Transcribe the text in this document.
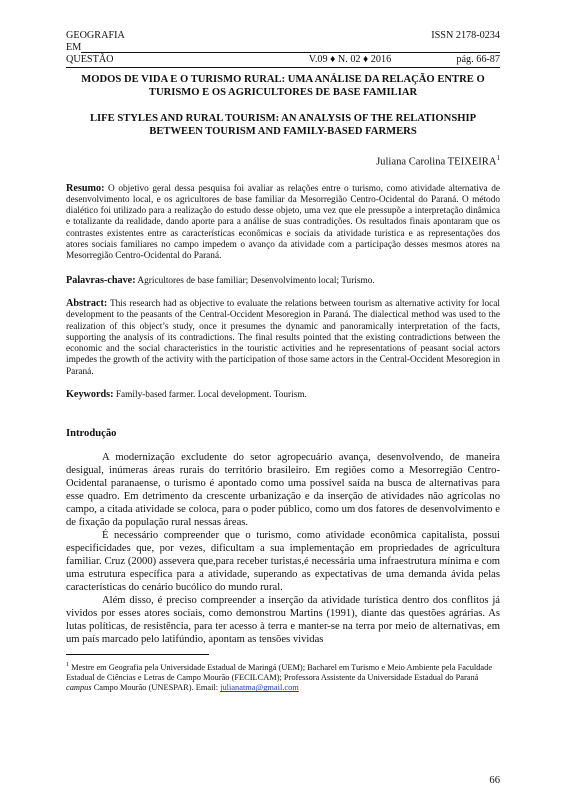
GEOGRAFIA	ISSN 2178-0234
EM
QUESTÃO	V.09 ♦ N. 02 ♦ 2016	pág. 66-87

MODOS DE VIDA E O TURISMO RURAL: UMA ANÁLISE DA RELAÇÃO ENTRE O TURISMO E OS AGRICULTORES DE BASE FAMILIAR

LIFE STYLES AND RURAL TOURISM: AN ANALYSIS OF THE RELATIONSHIP BETWEEN TOURISM AND FAMILY-BASED FARMERS

Juliana Carolina TEIXEIRA$^1$

Resumo: O objetivo geral dessa pesquisa foi avaliar as relações entre o turismo, como atividade alternativa de desenvolvimento local, e os agricultores de base familiar da Mesorregião Centro-Ocidental do Paraná. O método dialético foi utilizado para a realização do estudo desse objeto, uma vez que ele pressupõe a interpretação dinâmica e totalizante da realidade, dando aporte para a análise de suas contradições. Os resultados finais apontaram que os contrastes existentes entre as características econômicas e sociais da atividade turística e as representações dos atores sociais familiares no campo impedem o avanço da atividade com a participação desses mesmos atores na Mesorregião Centro-Ocidental do Paraná.

Palavras-chave: Agricultores de base familiar; Desenvolvimento local; Turismo.

Abstract: This research had as objective to evaluate the relations between tourism as alternative activity for local development to the peasants of the Central-Occident Mesoregion in Paraná. The dialectical method was used to the realization of this object’s study, once it presumes the dynamic and panoramically interpretation of the facts, supporting the analysis of its contradictions. The final results pointed that the existing contradictions between the economic and the social characteristics in the touristic activities and he representations of peasant social actors impedes the growth of the activity with the participation of those same actors in the Central-Occident Mesoregion in Paraná.

Keywords: Family-based farmer. Local development. Tourism.

Introdução

A modernização excludente do setor agropecuário avança, desenvolvendo, de maneira desigual, inúmeras áreas rurais do território brasileiro. Em regiões como a Mesorregião Centro-Ocidental paranaense, o turismo é apontado como uma possível saída na busca de alternativas para esse quadro. Em detrimento da crescente urbanização e da inserção de atividades não agrícolas no campo, a citada atividade se coloca, para o poder público, como um dos fatores de desenvolvimento e de fixação da população rural nessas áreas.

É necessário compreender que o turismo, como atividade econômica capitalista, possui especificidades que, por vezes, dificultam a sua implementação em propriedades de agricultura familiar. Cruz (2000) assevera que,para receber turistas,é necessária uma infraestrutura mínima e com uma estrutura específica para a atividade, superando as expectativas de uma demanda ávida pelas características do cenário bucólico do mundo rural.

Além disso, é preciso compreender a inserção da atividade turística dentro dos conflitos já vividos por esses atores sociais, como demonstrou Martins (1991), diante das questões agrárias. As lutas políticas, de resistência, para ter acesso à terra e manter-se na terra por meio de alternativas, em um país marcado pelo latifúndio, apontam as tensões vividas

$^1$ Mestre em Geografia pela Universidade Estadual de Maringá (UEM); Bacharel em Turismo e Meio Ambiente pela Faculdade Estadual de Ciências e Letras de Campo Mourão (FECILCAM); Professora Assistente da Universidade Estadual do Paraná campus Campo Mourão (UNESPAR). Email: julianatma@gmail.com

66
